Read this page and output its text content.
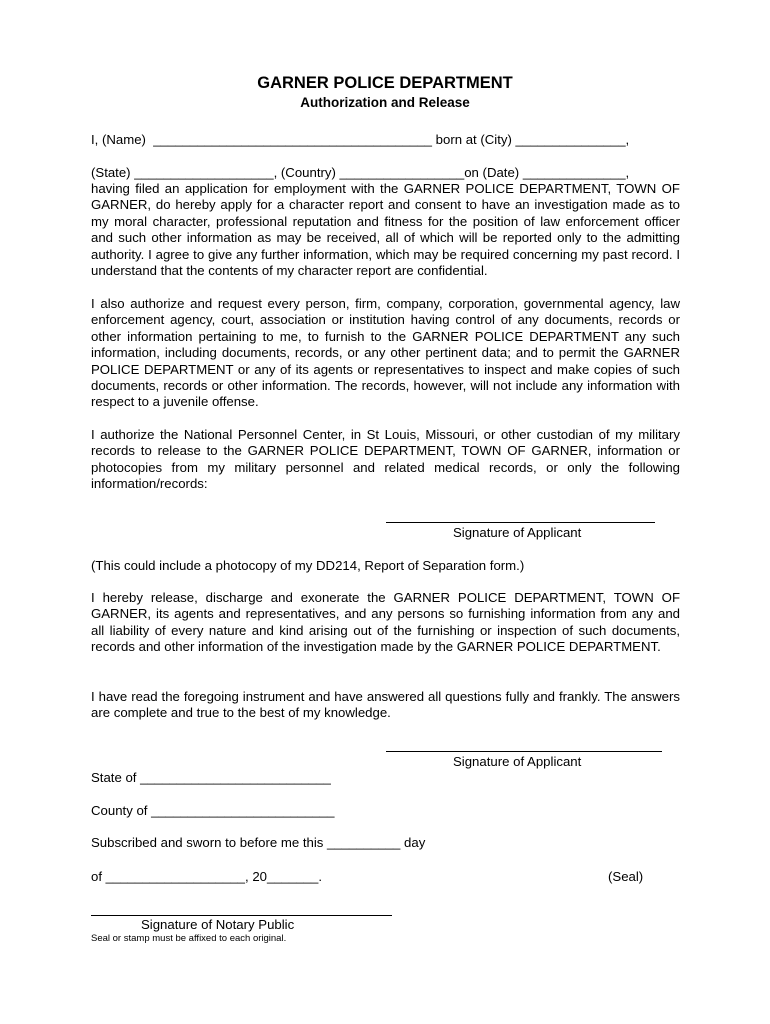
GARNER POLICE DEPARTMENT
Authorization and Release
I, (Name)  ______________________________________ born at (City) _______________,
(State) ___________________, (Country) _________________on (Date) ______________,

having filed an application for employment with the GARNER POLICE DEPARTMENT, TOWN OF GARNER, do hereby apply for a character report and consent to have an investigation made as to my moral character, professional reputation and fitness for the position of law enforcement officer and such other information as may be received, all of which will be reported only to the admitting authority. I agree to give any further information, which may be required concerning my past record. I understand that the contents of my character report are confidential.

I also authorize and request every person, firm, company, corporation, governmental agency, law enforcement agency, court, association or institution having control of any documents, records or other information pertaining to me, to furnish to the GARNER POLICE DEPARTMENT any such information, including documents, records, or any other pertinent data; and to permit the GARNER POLICE DEPARTMENT or any of its agents or representatives to inspect and make copies of such documents, records or other information. The records, however, will not include any information with respect to a juvenile offense.

I authorize the National Personnel Center, in St Louis, Missouri, or other custodian of my military records to release to the GARNER POLICE DEPARTMENT, TOWN OF GARNER, information or photocopies from my military personnel and related medical records, or only the following information/records:

Signature of Applicant
(This could include a photocopy of my DD214, Report of Separation form.)

I hereby release, discharge and exonerate the GARNER POLICE DEPARTMENT, TOWN OF GARNER, its agents and representatives, and any persons so furnishing information from any and all liability of every nature and kind arising out of the furnishing or inspection of such documents, records and other information of the investigation made by the GARNER POLICE DEPARTMENT.

I have read the foregoing instrument and have answered all questions fully and frankly. The answers are complete and true to the best of my knowledge.

Signature of Applicant
State of __________________________
County of _________________________
Subscribed and sworn to before me this __________ day
of ___________________, 20_______.	(Seal)
Signature of Notary Public
Seal or stamp must be affixed to each original.
